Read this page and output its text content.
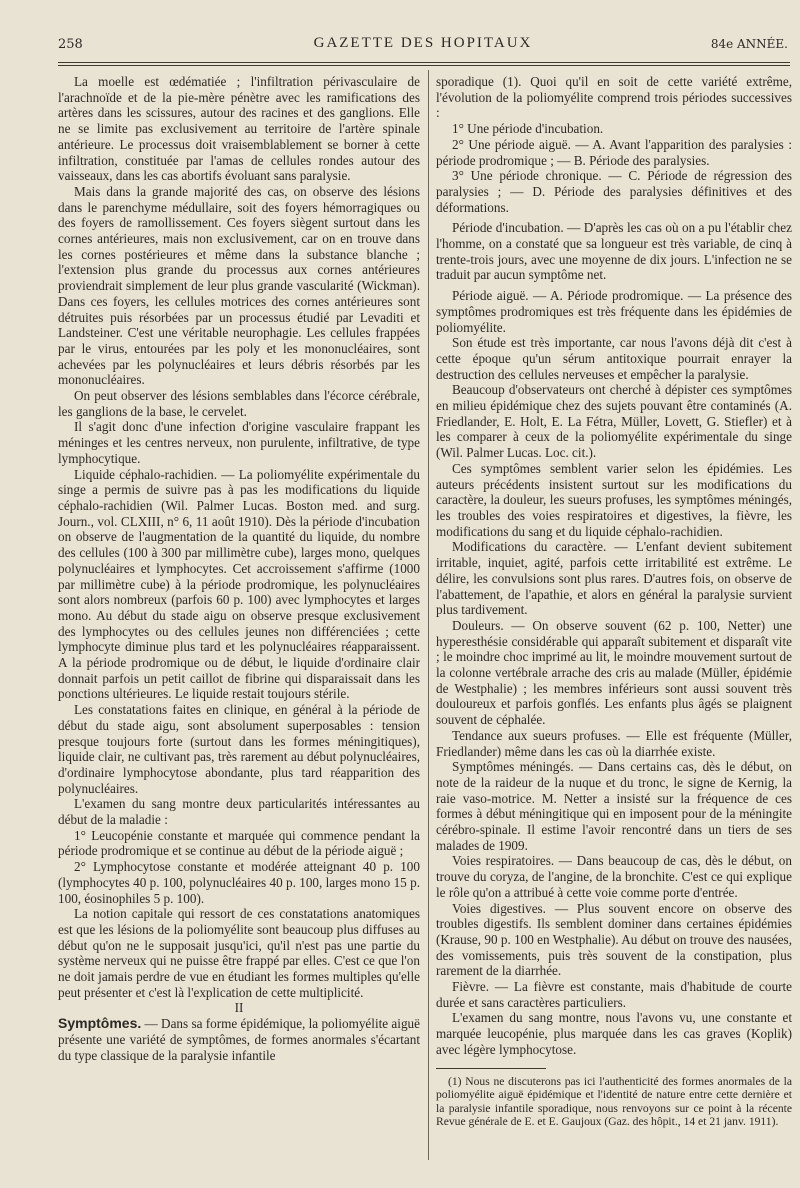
258	GAZETTE DES HOPITAUX	84e ANNÉE.

La moelle est œdématiée ; l'infiltration périvasculaire de l'arachnoïde et de la pie-mère pénètre avec les ramifications des artères dans les scissures, autour des racines et des ganglions. Elle ne se limite pas exclusivement au territoire de l'artère spinale antérieure. Le processus doit vraisemblablement se borner à cette infiltration, constituée par l'amas de cellules rondes autour des vaisseaux, dans les cas abortifs évoluant sans paralysie.

Mais dans la grande majorité des cas, on observe des lésions dans le parenchyme médullaire, soit des foyers hémorragiques ou des foyers de ramollissement. Ces foyers siègent surtout dans les cornes antérieures, mais non exclusivement, car on en trouve dans les cornes postérieures et même dans la substance blanche ; l'extension plus grande du processus aux cornes antérieures proviendrait simplement de leur plus grande vascularité (Wickman). Dans ces foyers, les cellules motrices des cornes antérieures sont détruites puis résorbées par un processus étudié par Levaditi et Landsteiner. C'est une véritable neurophagie. Les cellules frappées par le virus, entourées par les poly et les mononucléaires, sont achevées par les polynucléaires et leurs débris résorbés par les mononucléaires.

On peut observer des lésions semblables dans l'écorce cérébrale, les ganglions de la base, le cervelet.

Il s'agit donc d'une infection d'origine vasculaire frappant les méninges et les centres nerveux, non purulente, infiltrative, de type lymphocytique.

Liquide céphalo-rachidien. — La poliomyélite expérimentale du singe a permis de suivre pas à pas les modifications du liquide céphalo-rachidien (Wil. Palmer Lucas. Boston med. and surg. Journ., vol. CLXIII, n° 6, 11 août 1910). Dès la période d'incubation on observe de l'augmentation de la quantité du liquide, du nombre des cellules (100 à 300 par millimètre cube), larges mono, quelques polynucléaires et lymphocytes. Cet accroissement s'affirme (1000 par millimètre cube) à la période prodromique, les polynucléaires sont alors nombreux (parfois 60 p. 100) avec lymphocytes et larges mono. Au début du stade aigu on observe presque exclusivement des lymphocytes ou des cellules jeunes non différenciées ; cette lymphocyte diminue plus tard et les polynucléaires réapparaissent. A la période prodromique ou de début, le liquide d'ordinaire clair donnait parfois un petit caillot de fibrine qui disparaissait dans les ponctions ultérieures. Le liquide restait toujours stérile.

Les constatations faites en clinique, en général à la période de début du stade aigu, sont absolument superposables : tension presque toujours forte (surtout dans les formes méningitiques), liquide clair, ne cultivant pas, très rarement au début polynucléaires, d'ordinaire lymphocytose abondante, plus tard réapparition des polynucléaires.

L'examen du sang montre deux particularités intéressantes au début de la maladie :

1° Leucopénie constante et marquée qui commence pendant la période prodromique et se continue au début de la période aiguë ;

2° Lymphocytose constante et modérée atteignant 40 p. 100 (lymphocytes 40 p. 100, polynucléaires 40 p. 100, larges mono 15 p. 100, éosinophiles 5 p. 100).

La notion capitale qui ressort de ces constatations anatomiques est que les lésions de la poliomyélite sont beaucoup plus diffuses au début qu'on ne le supposait jusqu'ici, qu'il n'est pas une partie du système nerveux qui ne puisse être frappé par elles. C'est ce que l'on ne doit jamais perdre de vue en étudiant les formes multiples qu'elle peut présenter et c'est là l'explication de cette multiplicité.

II

Symptômes. — Dans sa forme épidémique, la poliomyélite aiguë présente une variété de symptômes, de formes anormales s'écartant du type classique de la paralysie infantile

sporadique (1). Quoi qu'il en soit de cette variété extrême, l'évolution de la poliomyélite comprend trois périodes successives :

1° Une période d'incubation.

2° Une période aiguë. — A. Avant l'apparition des paralysies : période prodromique ; — B. Période des paralysies.

3° Une période chronique. — C. Période de régression des paralysies ; — D. Période des paralysies définitives et des déformations.

Période d'incubation. — D'après les cas où on a pu l'établir chez l'homme, on a constaté que sa longueur est très variable, de cinq à trente-trois jours, avec une moyenne de dix jours. L'infection ne se traduit par aucun symptôme net.

Période aiguë. — A. Période prodromique. — La présence des symptômes prodromiques est très fréquente dans les épidémies de poliomyélite.

Son étude est très importante, car nous l'avons déjà dit c'est à cette époque qu'un sérum antitoxique pourrait enrayer la destruction des cellules nerveuses et empêcher la paralysie.

Beaucoup d'observateurs ont cherché à dépister ces symptômes en milieu épidémique chez des sujets pouvant être contaminés (A. Friedlander, E. Holt, E. La Fétra, Müller, Lovett, G. Stiefler) et à les comparer à ceux de la poliomyélite expérimentale du singe (Wil. Palmer Lucas. Loc. cit.).

Ces symptômes semblent varier selon les épidémies. Les auteurs précédents insistent surtout sur les modifications du caractère, la douleur, les sueurs profuses, les symptômes méningés, les troubles des voies respiratoires et digestives, la fièvre, les modifications du sang et du liquide céphalo-rachidien.

Modifications du caractère. — L'enfant devient subitement irritable, inquiet, agité, parfois cette irritabilité est extrême. Le délire, les convulsions sont plus rares. D'autres fois, on observe de l'abattement, de l'apathie, et alors en général la paralysie survient plus tardivement.

Douleurs. — On observe souvent (62 p. 100, Netter) une hyperesthésie considérable qui apparaît subitement et disparaît vite ; le moindre choc imprimé au lit, le moindre mouvement surtout de la colonne vertébrale arrache des cris au malade (Müller, épidémie de Westphalie) ; les membres inférieurs sont aussi souvent très douloureux et parfois gonflés. Les enfants plus âgés se plaignent souvent de céphalée.

Tendance aux sueurs profuses. — Elle est fréquente (Müller, Friedlander) même dans les cas où la diarrhée existe.

Symptômes méningés. — Dans certains cas, dès le début, on note de la raideur de la nuque et du tronc, le signe de Kernig, la raie vaso-motrice. M. Netter a insisté sur la fréquence de ces formes à début méningitique qui en imposent pour de la méningite cérébro-spinale. Il estime l'avoir rencontré dans un tiers de ses malades de 1909.

Voies respiratoires. — Dans beaucoup de cas, dès le début, on trouve du coryza, de l'angine, de la bronchite. C'est ce qui explique le rôle qu'on a attribué à cette voie comme porte d'entrée.

Voies digestives. — Plus souvent encore on observe des troubles digestifs. Ils semblent dominer dans certaines épidémies (Krause, 90 p. 100 en Westphalie). Au début on trouve des nausées, des vomissements, puis très souvent de la constipation, plus rarement de la diarrhée.

Fièvre. — La fièvre est constante, mais d'habitude de courte durée et sans caractères particuliers.

L'examen du sang montre, nous l'avons vu, une constante et marquée leucopénie, plus marquée dans les cas graves (Koplik) avec légère lymphocytose.

(1) Nous ne discuterons pas ici l'authenticité des formes anormales de la poliomyélite aiguë épidémique et l'identité de nature entre cette dernière et la paralysie infantile sporadique, nous renvoyons sur ce point à la récente Revue générale de E. et E. Gaujoux (Gaz. des hôpit., 14 et 21 janv. 1911).
